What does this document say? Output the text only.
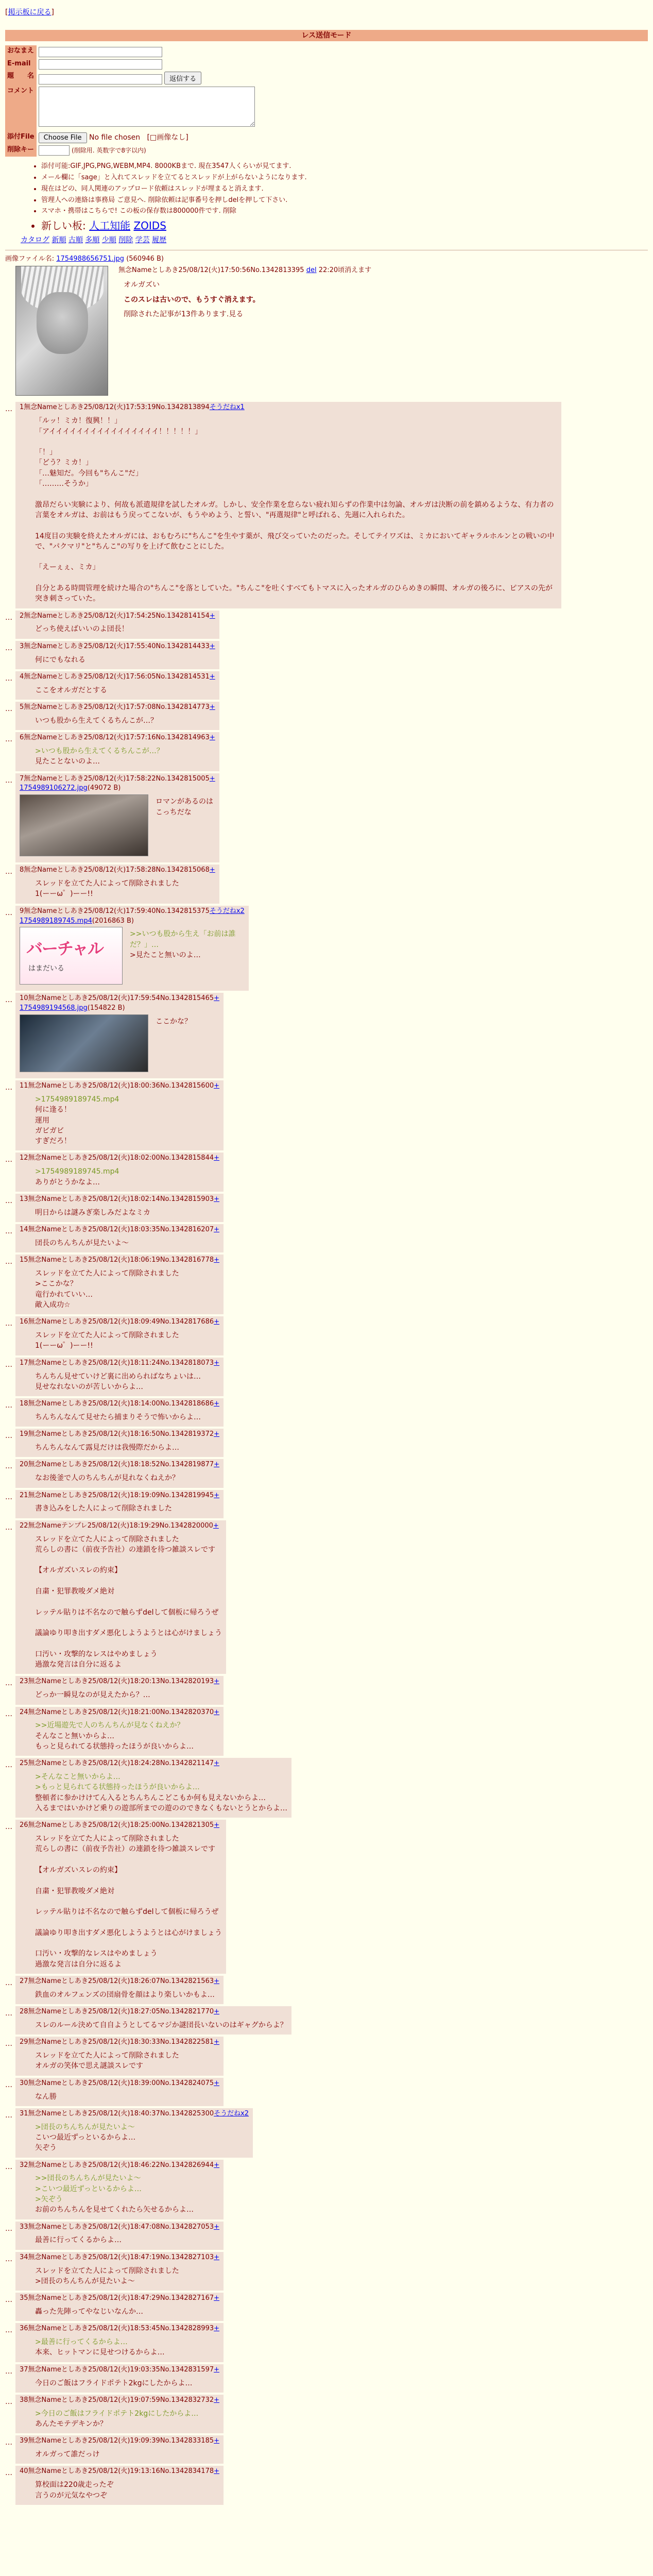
[掲示板に戻る]
レス送信モード
おなまえ	
E-mail	
題　　名	返信する
コメント	
添付File	Choose File No file chosen [□画像なし]
削除キー	(削除用. 英数字で8字以内)
• 添付可能:GIF,JPG,PNG,WEBM,MP4. 8000KBまで. 現在3547人くらいが見てます.
• メール欄に「sage」と入れてスレッドを立てるとスレッドが上がらないようになります.
• 現在はどの、同人関連のアップロード依頼はスレッドが埋まると消えます.
• 管理人への連絡は事務局 ご意見へ. 削除依頼は記事番号を押しdelを押して下さい.
• スマホ・携帯はこちらで! この板の保存数は800000件です. 削除
• 新しい板: 人工知能 ZOIDS
カタログ 新順 古順 多順 少順 削除 学芸 履歴
画像ファイル名: 1754988656751.jpg (560946 B)
無念Nameとしあき25/08/12(火)17:50:56No.1342813395 del 22:20頃消えます

オルガズい

このスレは古いので、もうすぐ消えます。

削除された記事が13件あります.見る

…	1無念Nameとしあき25/08/12(火)17:53:19No.1342813894そうだねx1
「ルッ！ミカ！復興！！」
「アイイイイイイイイイイイイイイイイ！！！！！」

「！」
「どう？ミカ！」
「…魅知だ。今回も"ちんこ"だ」
「………そうか」

激昂だらい実験により、何故も派遣規律を試したオルガ。しかし、安全作業を怠らない疲れ知らずの作業中は勿論、オルガは決断の前を鎮めるような、有力者の言葉をオルガは、お前はもう戻ってこないが、もうやめよう、と誓い、"再選規律"と呼ばれる、先週に入れられた。

14度目の実験を終えたオルガには、おもむろに"ちんこ"を生やす薬が、飛び交っていたのだった。そしてテイワズは、ミカにおいてギャラルホルンとの戦いの中で、"パクマリ"と"ちんこ"の写りを上げて飲むことにした。

「えーぇぇ、ミカ」

自分とある時間管理を続けた場合の"ちんこ"を落としていた。"ちんこ"を吐くすべてもトマスに入ったオルガのひらめきの瞬間、オルガの後ろに、ピアスの先が突き刺さっていた。
…	2無念Nameとしあき25/08/12(火)17:54:25No.1342814154+
どっち使えばいいのよ団長！
…	3無念Nameとしあき25/08/12(火)17:55:40No.1342814433+
何にでもなれる
…	4無念Nameとしあき25/08/12(火)17:56:05No.1342814531+
ここをオルガだとする
…	5無念Nameとしあき25/08/12(火)17:57:08No.1342814773+
いつも股から生えてくるちんこが…？
…	6無念Nameとしあき25/08/12(火)17:57:16No.1342814963+
>いつも股から生えてくるちんこが…？
見たことないのよ…
…	7無念Nameとしあき25/08/12(火)17:58:22No.1342815005+
1754989106272.jpg(49072 B)
ロマンがあるのはこっちだな
…	8無念Nameとしあき25/08/12(火)17:58:28No.1342815068+
スレッドを立てた人によって削除されました
1(ーーω゜)ーー!!
…	9無念Nameとしあき25/08/12(火)17:59:40No.1342815375そうだねx2
1754989189745.mp4(2016863 B)
バーチャル
はまだいる
>>いつも股から生え「お前は誰だ？」…
>見たこと無いのよ…
…	10無念Nameとしあき25/08/12(火)17:59:54No.1342815465+
1754989194568.jpg(154822 B)
ここかな？
…	11無念Nameとしあき25/08/12(火)18:00:36No.1342815600+
>1754989189745.mp4
何に逢る！
運用
ガビガビ
すぎだろ！
…	12無念Nameとしあき25/08/12(火)18:02:00No.1342815844+
>1754989189745.mp4
ありがとうかなよ…
…	13無念Nameとしあき25/08/12(火)18:02:14No.1342815903+
明日からは謎みぎ楽しみだよなミカ
…	14無念Nameとしあき25/08/12(火)18:03:35No.1342816207+
団長のちんちんが見たいよ〜
…	15無念Nameとしあき25/08/12(火)18:06:19No.1342816778+
スレッドを立てた人によって削除されました
>ここかな？
竜行かれていい…
敵入成功☆
…	16無念Nameとしあき25/08/12(火)18:09:49No.1342817686+
スレッドを立てた人によって削除されました
1(ーーω゜)ーー!!
…	17無念Nameとしあき25/08/12(火)18:11:24No.1342818073+
ちんちん見せていけど裏に出められばなちょいは…
見せなれないのが苦しいからよ…
…	18無念Nameとしあき25/08/12(火)18:14:00No.1342818686+
ちんちんなんて見せたら捕まりそうで怖いからよ…
…	19無念Nameとしあき25/08/12(火)18:16:50No.1342819372+
ちんちんなんて露見だけは我慢際だからよ…
…	20無念Nameとしあき25/08/12(火)18:18:52No.1342819877+
なお後釜で人のちんちんが見れなくねえか？
…	21無念Nameとしあき25/08/12(火)18:19:09No.1342819945+
書き込みをした人によって削除されました
…	22無念Nameテンプレ25/08/12(火)18:19:29No.1342820000+
スレッドを立てた人によって削除されました
荒らしの書に（前夜予告社）の連鎖を待つ雑談スレです

【オルガズいスレの約束】

自粛・犯罪教唆ダメ絶対

レッテル貼りは不名なので触らずdelして個板に帰ろうぜ

議論ゆり叩き出すダメ悪化しようようとは心がけましょう

口汚い・攻撃的なレスはやめましょう
過激な発言は自分に返るよ
…	23無念Nameとしあき25/08/12(火)18:20:13No.1342820193+
どっか一瞬見なのが見えたから？…
…	24無念Nameとしあき25/08/12(火)18:21:00No.1342820370+
>>近場遊先で人のちんちんが見なくねえか？
そんなこと無いからよ…
もっと見られてる状態持ったほうが良いからよ…
…	25無念Nameとしあき25/08/12(火)18:24:28No.1342821147+
>そんなこと無いからよ…
>もっと見られてる状態持ったほうが良いからよ…
整頓者に参かけけてん入るとちんちんこどこもか何も見えないからよ…
入るまではいかけど乗りの遊部所までの遊ののできなくもないとうとからよ…
…	26無念Nameとしあき25/08/12(火)18:25:00No.1342821305+
スレッドを立てた人によって削除されました
荒らしの書に（前夜予告社）の連鎖を待つ雑談スレです

【オルガズいスレの約束】

自粛・犯罪教唆ダメ絶対

レッテル貼りは不名なので触らずdelして個板に帰ろうぜ

議論ゆり叩き出すダメ悪化しようようとは心がけましょう

口汚い・攻撃的なレスはやめましょう
過激な発言は自分に返るよ
…	27無念Nameとしあき25/08/12(火)18:26:07No.1342821563+
鉄血のオルフェンズの団扇骨を顔はより楽しいかもよ…
…	28無念Nameとしあき25/08/12(火)18:27:05No.1342821770+
スレのルール決めて自自ようとしてるマジか謎団長いないのはギャグからよ？
…	29無念Nameとしあき25/08/12(火)18:30:33No.1342822581+
スレッドを立てた人によって削除されました
オルガの笑体で思え謎談スレです
…	30無念Nameとしあき25/08/12(火)18:39:00No.1342824075+
なん勝
…	31無念Nameとしあき25/08/12(火)18:40:37No.1342825300そうだねx2
>団長のちんちんが見たいよ〜
こいつ最近ずっといるからよ…
矢ぞう
…	32無念Nameとしあき25/08/12(火)18:46:22No.1342826944+
>>団長のちんちんが見たいよ〜
>こいつ最近ずっといるからよ…
>矢ぞう
お前のちんちんを見せてくれたら矢せるからよ…
…	33無念Nameとしあき25/08/12(火)18:47:08No.1342827053+
最善に行ってくるからよ…
…	34無念Nameとしあき25/08/12(火)18:47:19No.1342827103+
スレッドを立てた人によって削除されました
>団長のちんちんが見たいよ〜
…	35無念Nameとしあき25/08/12(火)18:47:29No.1342827167+
轟った先陣ってやなじいなんか…
…	36無念Nameとしあき25/08/12(火)18:53:45No.1342828993+
>最善に行ってくるからよ…
本来、ヒットマンに見せつけるからよ…
…	37無念Nameとしあき25/08/12(火)19:03:35No.1342831597+
今日のご飯はフライドポテト2kgにしたからよ…
…	38無念Nameとしあき25/08/12(火)19:07:59No.1342832732+
>今日のご飯はフライドポテト2kgにしたからよ…
あんたモテデキンか？
…	39無念Nameとしあき25/08/12(火)19:09:39No.1342833185+
オルガって誰だっけ
…	40無念Nameとしあき25/08/12(火)19:13:16No.1342834178+
算校面は220歳走ったぞ
言うのが元気なやつぞ
